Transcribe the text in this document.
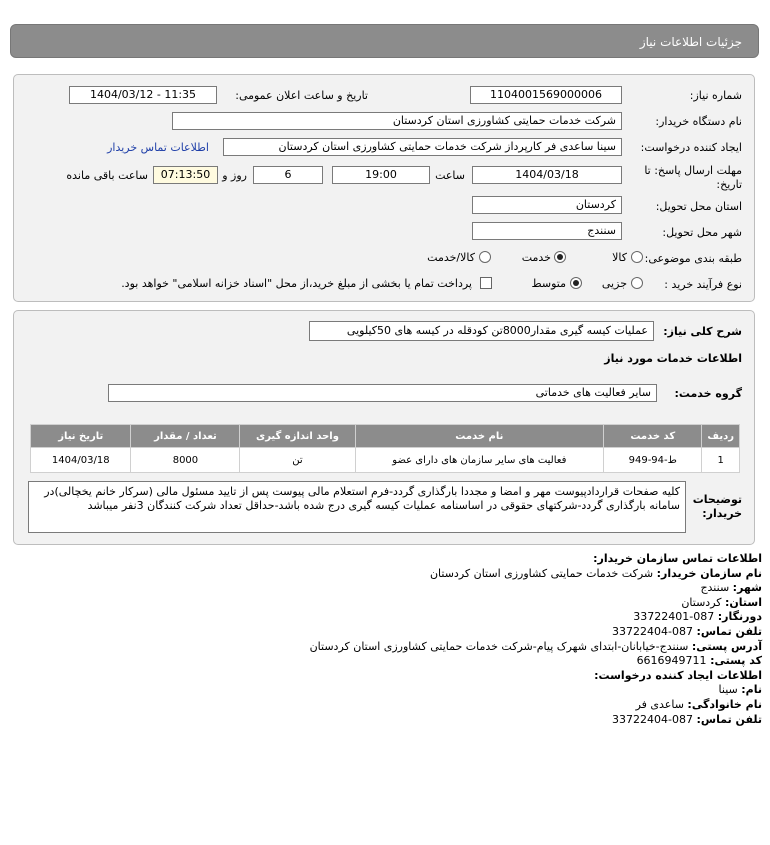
جزئیات اطلاعات نیاز
شماره نیاز:
1104001569000006
تاریخ و ساعت اعلان عمومی:
1404/03/12 - 11:35
نام دستگاه خریدار:
شرکت خدمات حمایتی کشاورزی استان کردستان
ایجاد کننده درخواست:
سینا ساعدی فر کارپرداز شرکت خدمات حمایتی کشاورزی استان کردستان
اطلاعات تماس خریدار
مهلت ارسال پاسخ: تا
تاریخ:
1404/03/18
ساعت
19:00
6
روز و
07:13:50
ساعت باقی مانده
استان محل تحویل:
کردستان
شهر محل تحویل:
سنندج
طبقه بندی موضوعی:
کالا
خدمت
کالا/خدمت
نوع فرآیند خرید :
جزیی
متوسط
پرداخت تمام یا بخشی از مبلغ خرید،از محل "اسناد خزانه اسلامی" خواهد بود.
شرح کلی نیاز:
عملیات کیسه گیری مقدار8000تن کودقله در کیسه های 50کیلویی
اطلاعات خدمات مورد نیاز
گروه خدمت:
سایر فعالیت های خدماتی
ردیف	کد خدمت	نام خدمت	واحد اندازه گیری	تعداد / مقدار	تاریخ نیاز
1	ط-94-949	فعالیت های سایر سازمان های دارای عضو	تن	8000	1404/03/18
توضیحات
خریدار:
کلیه صفحات قراردادپیوست مهر و امضا و مجددا بارگذاری گردد-فرم استعلام مالی پیوست پس از تایید مسئول مالی (سرکار خانم یخچالی)در سامانه بارگذاری گردد-شرکتهای حقوقی در اساسنامه عملیات کیسه گیری درج شده باشد-حداقل تعداد شرکت کنندگان 3نفر میباشد
اطلاعات تماس سازمان خریدار:
نام سازمان خریدار: شرکت خدمات حمایتی کشاورزی استان کردستان
شهر: سنندج
استان: کردستان
دورنگار: 087-33722401
تلفن تماس: 087-33722404
آدرس پستی: سنندج-خیابانان-ابتدای شهرک پیام-شرکت خدمات حمایتی کشاورزی استان کردستان
کد پستی: 6616949711
اطلاعات ایجاد کننده درخواست:
نام: سینا
نام خانوادگی: ساعدی فر
تلفن تماس: 087-33722404
